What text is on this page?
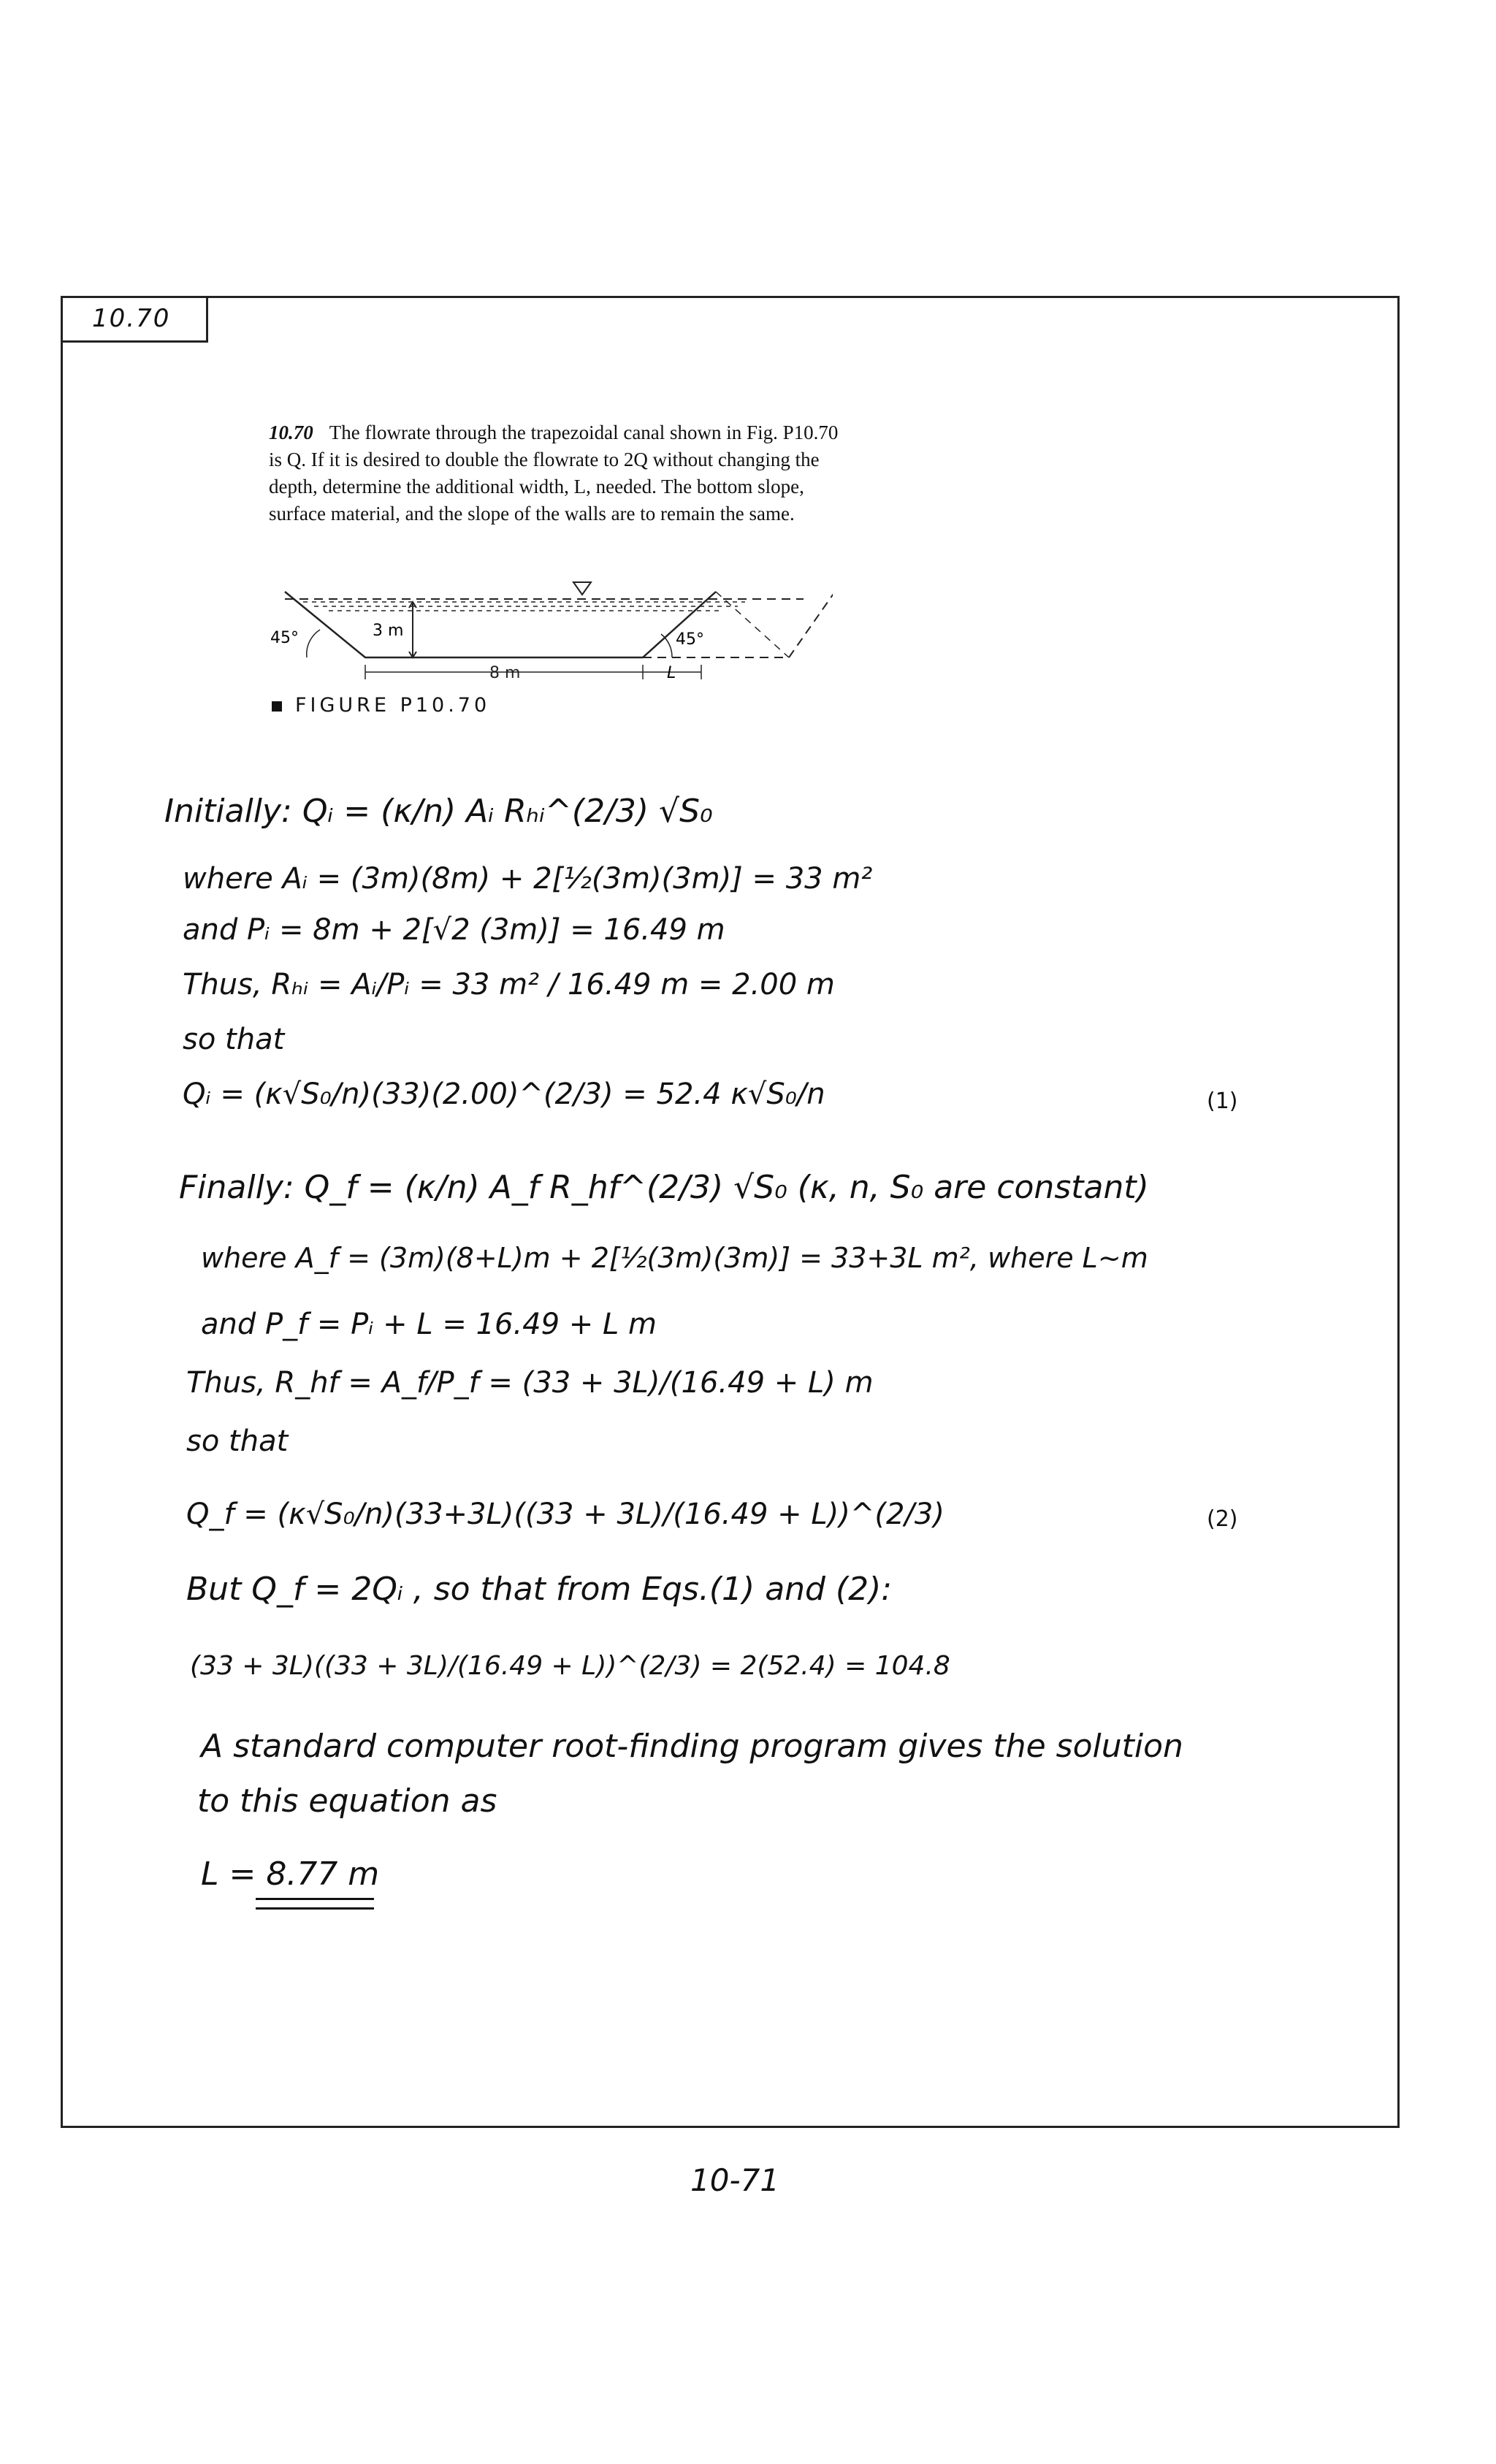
10.70
10.70 The flowrate through the trapezoidal canal shown in Fig. P10.70 is Q. If it is desired to double the flowrate to 2Q without changing the depth, determine the additional width, L, needed. The bottom slope, surface material, and the slope of the walls are to remain the same.
45°	45°
3 m
8 m	L
FIGURE P10.70
Initially: Qᵢ = (κ/n) Aᵢ Rₕᵢ^(2/3) √S₀
where Aᵢ = (3m)(8m) + 2[½(3m)(3m)] = 33 m²
and Pᵢ = 8m + 2[√2 (3m)] = 16.49 m
Thus, Rₕᵢ = Aᵢ/Pᵢ = 33 m² / 16.49 m = 2.00 m
so that
Qᵢ = (κ√S₀/n)(33)(2.00)^(2/3) = 52.4 κ√S₀/n	(1)
Finally: Q_f = (κ/n) A_f R_hf^(2/3) √S₀ (κ, n, S₀ are constant)
where A_f = (3m)(8+L)m + 2[½(3m)(3m)] = 33+3L m², where L~m
and P_f = Pᵢ + L = 16.49 + L m
Thus, R_hf = A_f/P_f = (33 + 3L)/(16.49 + L) m
so that
Q_f = (κ√S₀/n)(33+3L)((33 + 3L)/(16.49 + L))^(2/3)	(2)
But Q_f = 2Qᵢ , so that from Eqs.(1) and (2):
(33 + 3L)((33 + 3L)/(16.49 + L))^(2/3) = 2(52.4) = 104.8
A standard computer root-finding program gives the solution
to this equation as
L = 8.77 m
10-71
